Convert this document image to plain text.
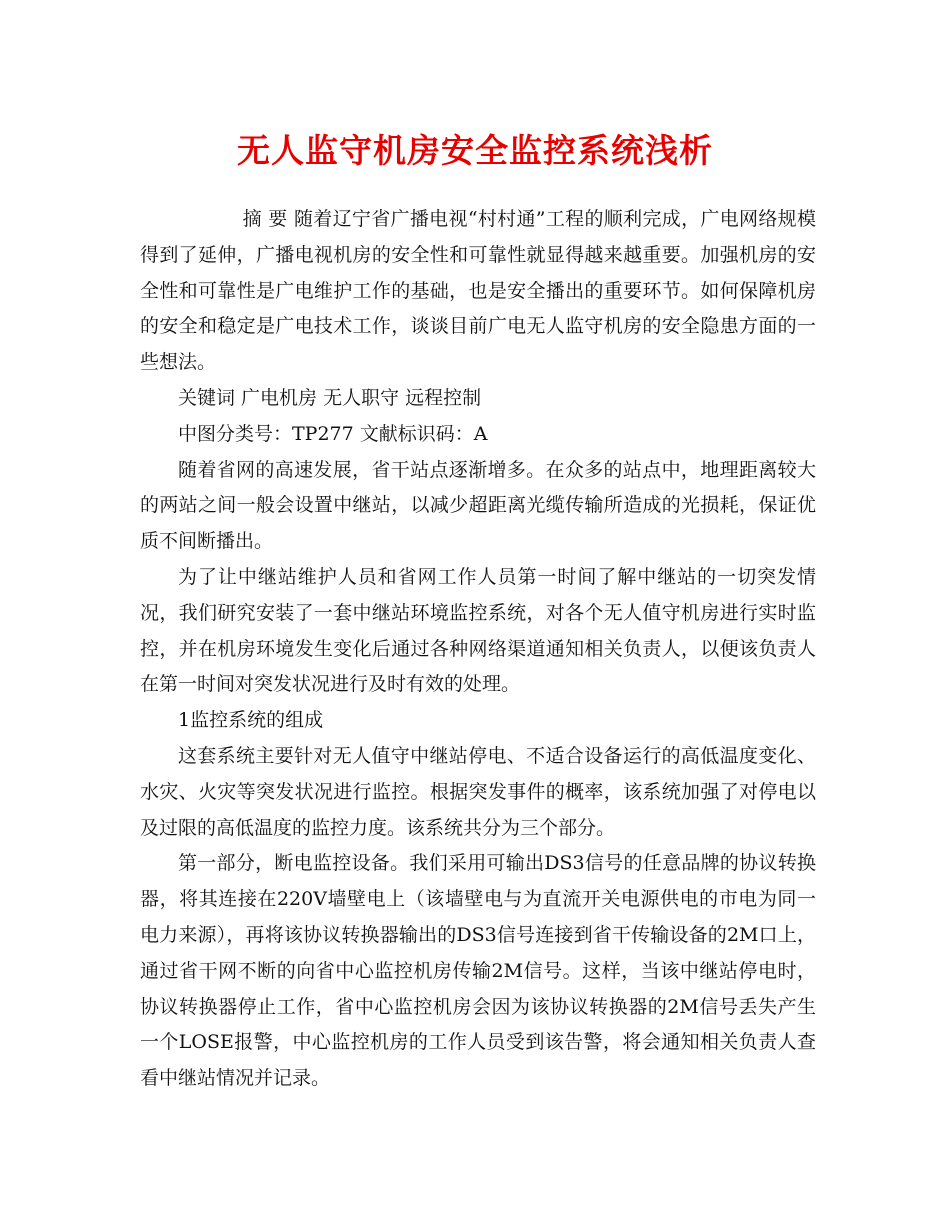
无人监守机房安全监控系统浅析

摘 要 随着辽宁省广播电视“村村通”工程的顺利完成，广电网络规模得到了延伸，广播电视机房的安全性和可靠性就显得越来越重要。加强机房的安全性和可靠性是广电维护工作的基础，也是安全播出的重要环节。如何保障机房的安全和稳定是广电技术工作，谈谈目前广电无人监守机房的安全隐患方面的一些想法。

关键词 广电机房 无人职守 远程控制

中图分类号：TP277 文献标识码：A

随着省网的高速发展，省干站点逐渐增多。在众多的站点中，地理距离较大的两站之间一般会设置中继站，以减少超距离光缆传输所造成的光损耗，保证优质不间断播出。

为了让中继站维护人员和省网工作人员第一时间了解中继站的一切突发情况，我们研究安装了一套中继站环境监控系统，对各个无人值守机房进行实时监控，并在机房环境发生变化后通过各种网络渠道通知相关负责人，以便该负责人在第一时间对突发状况进行及时有效的处理。

1监控系统的组成

这套系统主要针对无人值守中继站停电、不适合设备运行的高低温度变化、水灾、火灾等突发状况进行监控。根据突发事件的概率，该系统加强了对停电以及过限的高低温度的监控力度。该系统共分为三个部分。

第一部分，断电监控设备。我们采用可输出DS3信号的任意品牌的协议转换器，将其连接在220V墙壁电上（该墙壁电与为直流开关电源供电的市电为同一电力来源），再将该协议转换器输出的DS3信号连接到省干传输设备的2M口上，通过省干网不断的向省中心监控机房传输2M信号。这样，当该中继站停电时，协议转换器停止工作，省中心监控机房会因为该协议转换器的2M信号丢失产生一个LOSE报警，中心监控机房的工作人员受到该告警，将会通知相关负责人查看中继站情况并记录。
